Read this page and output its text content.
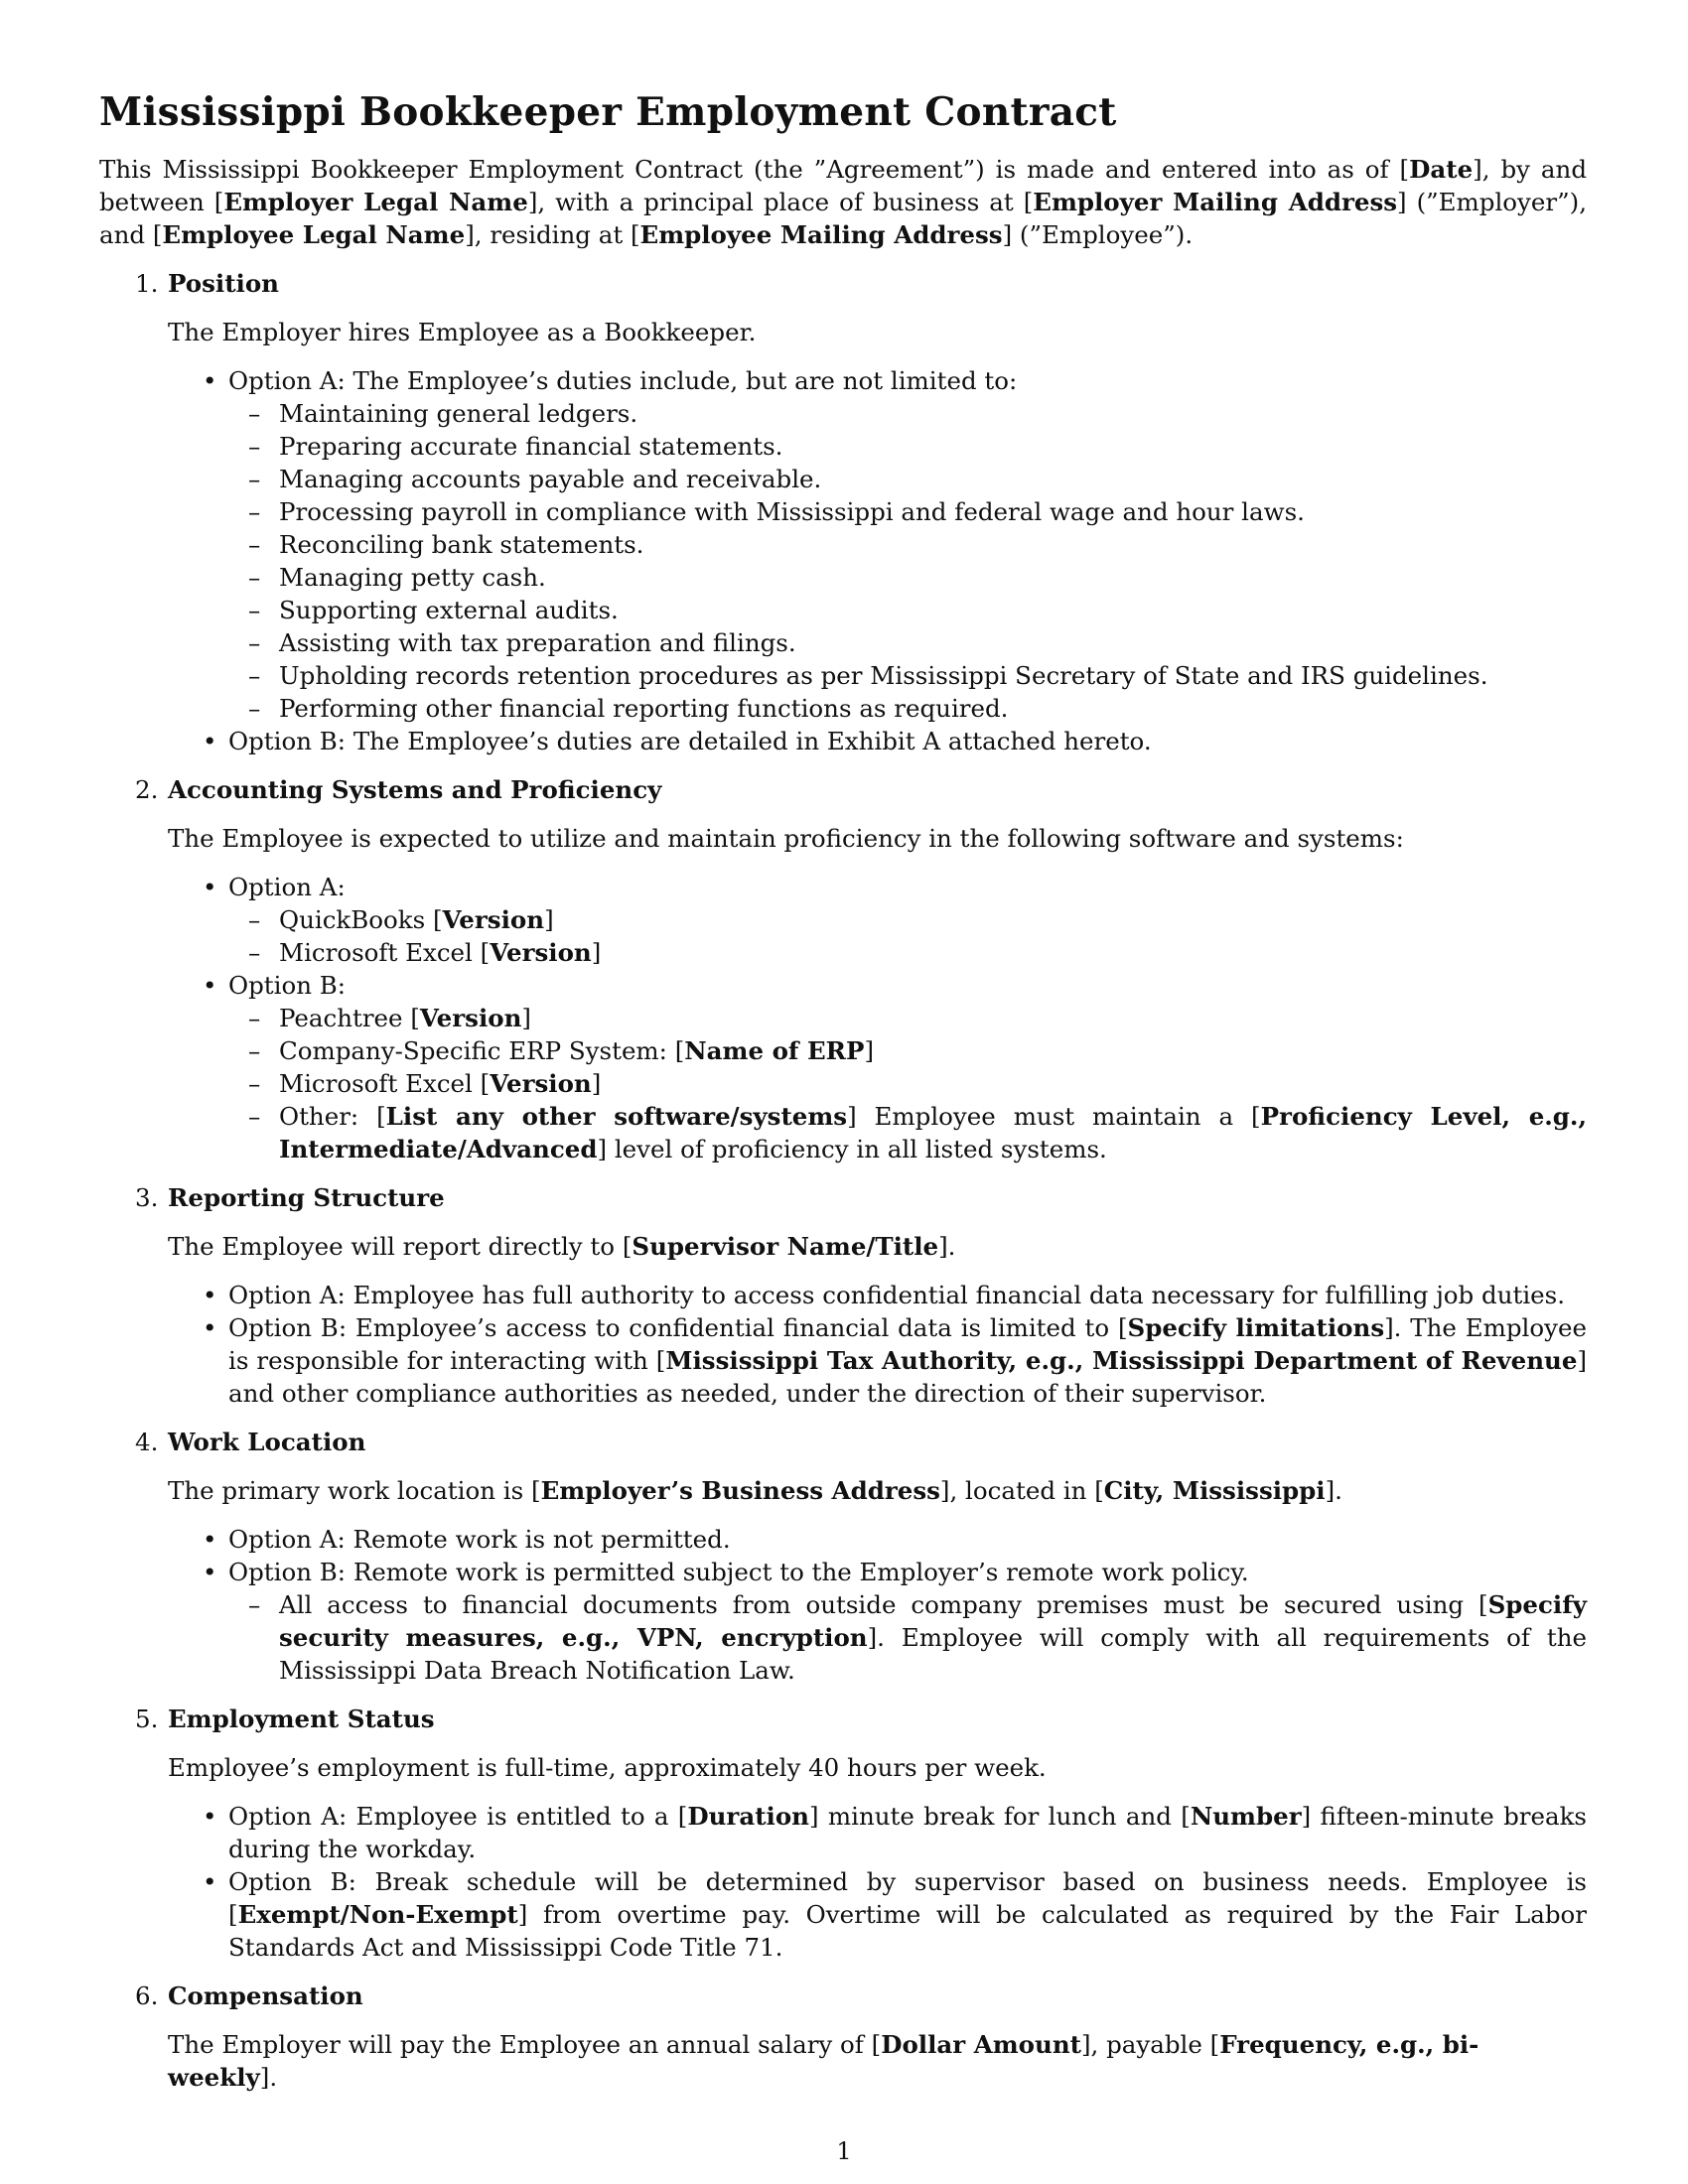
Mississippi Bookkeeper Employment Contract

This Mississippi Bookkeeper Employment Contract (the ”Agreement”) is made and entered into as of [Date], by and between [Employer Legal Name], with a principal place of business at [Employer Mailing Address] (”Employer”), and [Employee Legal Name], residing at [Employee Mailing Address] (”Employee”).

1. Position

The Employer hires Employee as a Bookkeeper.

• Option A: The Employee’s duties include, but are not limited to:
– Maintaining general ledgers.
– Preparing accurate financial statements.
– Managing accounts payable and receivable.
– Processing payroll in compliance with Mississippi and federal wage and hour laws.
– Reconciling bank statements.
– Managing petty cash.
– Supporting external audits.
– Assisting with tax preparation and filings.
– Upholding records retention procedures as per Mississippi Secretary of State and IRS guidelines.
– Performing other financial reporting functions as required.
• Option B: The Employee’s duties are detailed in Exhibit A attached hereto.
2. Accounting Systems and Proficiency

The Employee is expected to utilize and maintain proficiency in the following software and systems:

• Option A:
– QuickBooks [Version]
– Microsoft Excel [Version]
• Option B:
– Peachtree [Version]
– Company-Specific ERP System: [Name of ERP]
– Microsoft Excel [Version]
– Other: [List any other software/systems] Employee must maintain a [Proficiency Level, e.g., Intermediate/Advanced] level of proficiency in all listed systems.
3. Reporting Structure

The Employee will report directly to [Supervisor Name/Title].

• Option A: Employee has full authority to access confidential financial data necessary for fulfilling job duties.
• Option B: Employee’s access to confidential financial data is limited to [Specify limitations]. The Employee is responsible for interacting with [Mississippi Tax Authority, e.g., Mississippi Department of Revenue] and other compliance authorities as needed, under the direction of their supervisor.
4. Work Location

The primary work location is [Employer’s Business Address], located in [City, Mississippi].

• Option A: Remote work is not permitted.
• Option B: Remote work is permitted subject to the Employer’s remote work policy.
– All access to financial documents from outside company premises must be secured using [Specify security measures, e.g., VPN, encryption]. Employee will comply with all requirements of the Mississippi Data Breach Notification Law.
5. Employment Status

Employee’s employment is full-time, approximately 40 hours per week.

• Option A: Employee is entitled to a [Duration] minute break for lunch and [Number] fifteen-minute breaks during the workday.
• Option B: Break schedule will be determined by supervisor based on business needs. Employee is [Exempt/Non-Exempt] from overtime pay. Overtime will be calculated as required by the Fair Labor Standards Act and Mississippi Code Title 71.
6. Compensation

The Employer will pay the Employee an annual salary of [Dollar Amount], payable [Frequency, e.g., bi-weekly].

1
